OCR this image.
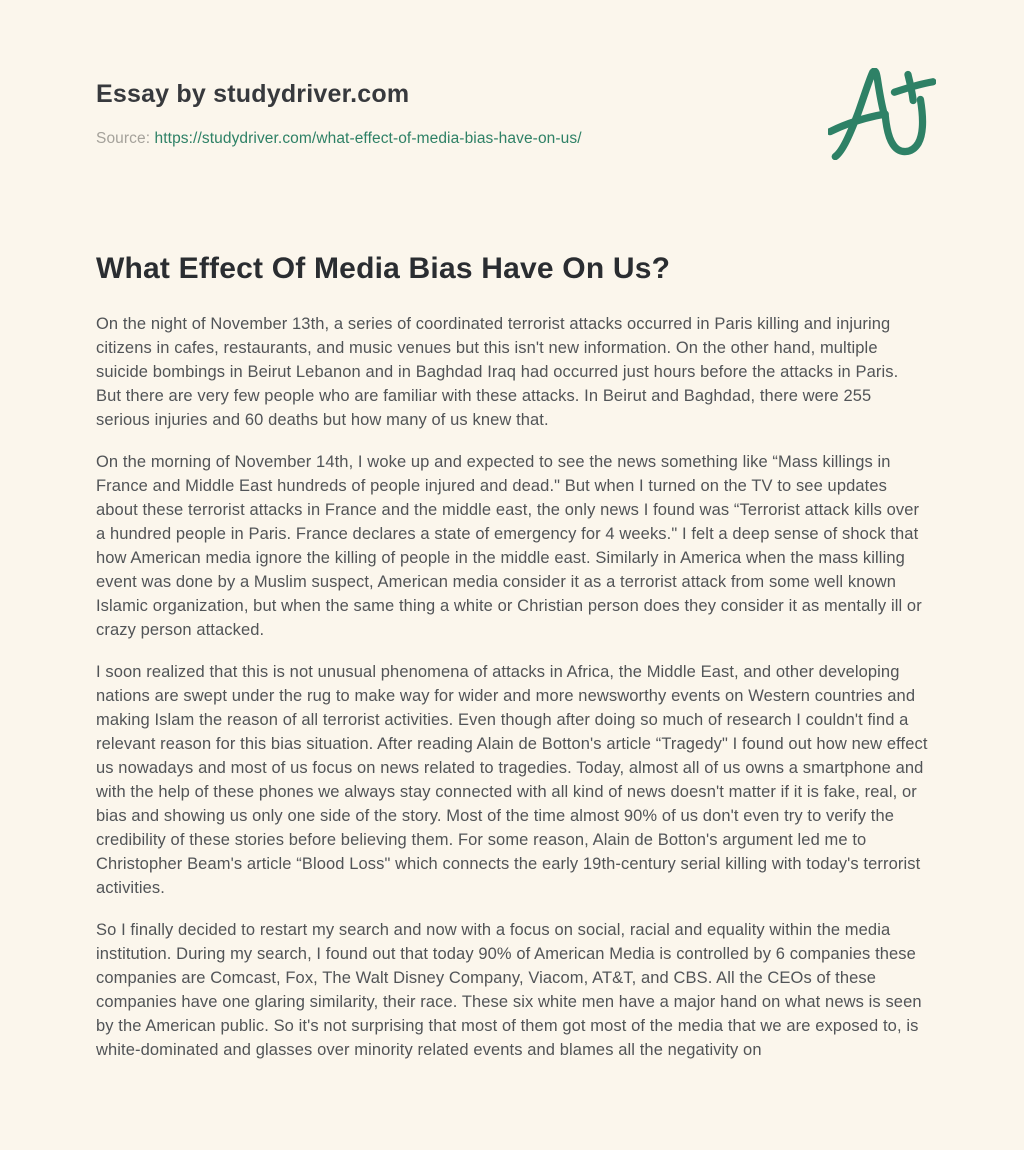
Essay by studydriver.com

Source: https://studydriver.com/what-effect-of-media-bias-have-on-us/

What Effect Of Media Bias Have On Us?

On the night of November 13th, a series of coordinated terrorist attacks occurred in Paris killing and injuring citizens in cafes, restaurants, and music venues but this isn't new information. On the other hand, multiple suicide bombings in Beirut Lebanon and in Baghdad Iraq had occurred just hours before the attacks in Paris. But there are very few people who are familiar with these attacks. In Beirut and Baghdad, there were 255 serious injuries and 60 deaths but how many of us knew that.

On the morning of November 14th, I woke up and expected to see the news something like “Mass killings in France and Middle East hundreds of people injured and dead." But when I turned on the TV to see updates about these terrorist attacks in France and the middle east, the only news I found was “Terrorist attack kills over a hundred people in Paris. France declares a state of emergency for 4 weeks." I felt a deep sense of shock that how American media ignore the killing of people in the middle east. Similarly in America when the mass killing event was done by a Muslim suspect, American media consider it as a terrorist attack from some well known Islamic organization, but when the same thing a white or Christian person does they consider it as mentally ill or crazy person attacked.

I soon realized that this is not unusual phenomena of attacks in Africa, the Middle East, and other developing nations are swept under the rug to make way for wider and more newsworthy events on Western countries and making Islam the reason of all terrorist activities. Even though after doing so much of research I couldn't find a relevant reason for this bias situation. After reading Alain de Botton's article “Tragedy" I found out how new effect us nowadays and most of us focus on news related to tragedies. Today, almost all of us owns a smartphone and with the help of these phones we always stay connected with all kind of news doesn't matter if it is fake, real, or bias and showing us only one side of the story. Most of the time almost 90% of us don't even try to verify the credibility of these stories before believing them. For some reason, Alain de Botton's argument led me to Christopher Beam's article “Blood Loss" which connects the early 19th-century serial killing with today's terrorist activities.

So I finally decided to restart my search and now with a focus on social, racial and equality within the media institution. During my search, I found out that today 90% of American Media is controlled by 6 companies these companies are Comcast, Fox, The Walt Disney Company, Viacom, AT&T, and CBS. All the CEOs of these companies have one glaring similarity, their race. These six white men have a major hand on what news is seen by the American public. So it's not surprising that most of them got most of the media that we are exposed to, is white-dominated and glasses over minority related events and blames all the negativity on
